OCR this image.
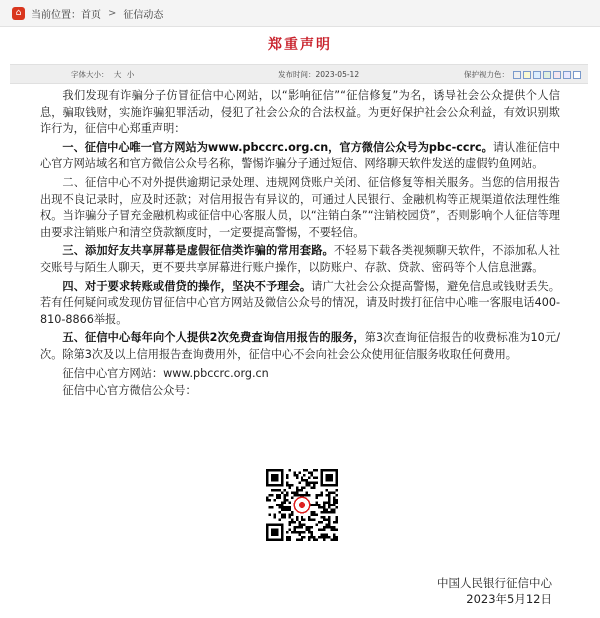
⌂ 当前位置： 首页 > 征信动态
郑重声明
字体大小： 大 小	发布时间：2023-05-12	保护视力色：

我们发现有诈骗分子仿冒征信中心网站，以“影响征信”“征信修复”为名，诱导社会公众提供个人信息，骗取钱财，实施诈骗犯罪活动，侵犯了社会公众的合法权益。为更好保护社会公众利益，有效识别欺诈行为，征信中心郑重声明：

一、征信中心唯一官方网站为www.pbccrc.org.cn，官方微信公众号为pbc-ccrc。请认准征信中心官方网站域名和官方微信公众号名称，警惕诈骗分子通过短信、网络聊天软件发送的虚假钓鱼网站。

二、征信中心不对外提供逾期记录处理、违规网贷账户关闭、征信修复等相关服务。当您的信用报告出现不良记录时，应及时还款；对信用报告有异议的，可通过人民银行、金融机构等正规渠道依法理性维权。当诈骗分子冒充金融机构或征信中心客服人员，以“注销白条”“注销校园贷”，否则影响个人征信等理由要求注销账户和清空贷款额度时，一定要提高警惕，不要轻信。

三、添加好友共享屏幕是虚假征信类诈骗的常用套路。不轻易下载各类视频聊天软件，不添加私人社交账号与陌生人聊天，更不要共享屏幕进行账户操作，以防账户、存款、贷款、密码等个人信息泄露。

四、对于要求转账或借贷的操作，坚决不予理会。请广大社会公众提高警惕，避免信息或钱财丢失。若有任何疑问或发现仿冒征信中心官方网站及微信公众号的情况，请及时拨打征信中心唯一客服电话400-810-8866举报。

五、征信中心每年向个人提供2次免费查询信用报告的服务，第3次查询征信报告的收费标准为10元/次。除第3次及以上信用报告查询费用外，征信中心不会向社会公众使用征信服务收取任何费用。

征信中心官方网站：www.pbccrc.org.cn

征信中心官方微信公众号：

中国人民银行征信中心
2023年5月12日
